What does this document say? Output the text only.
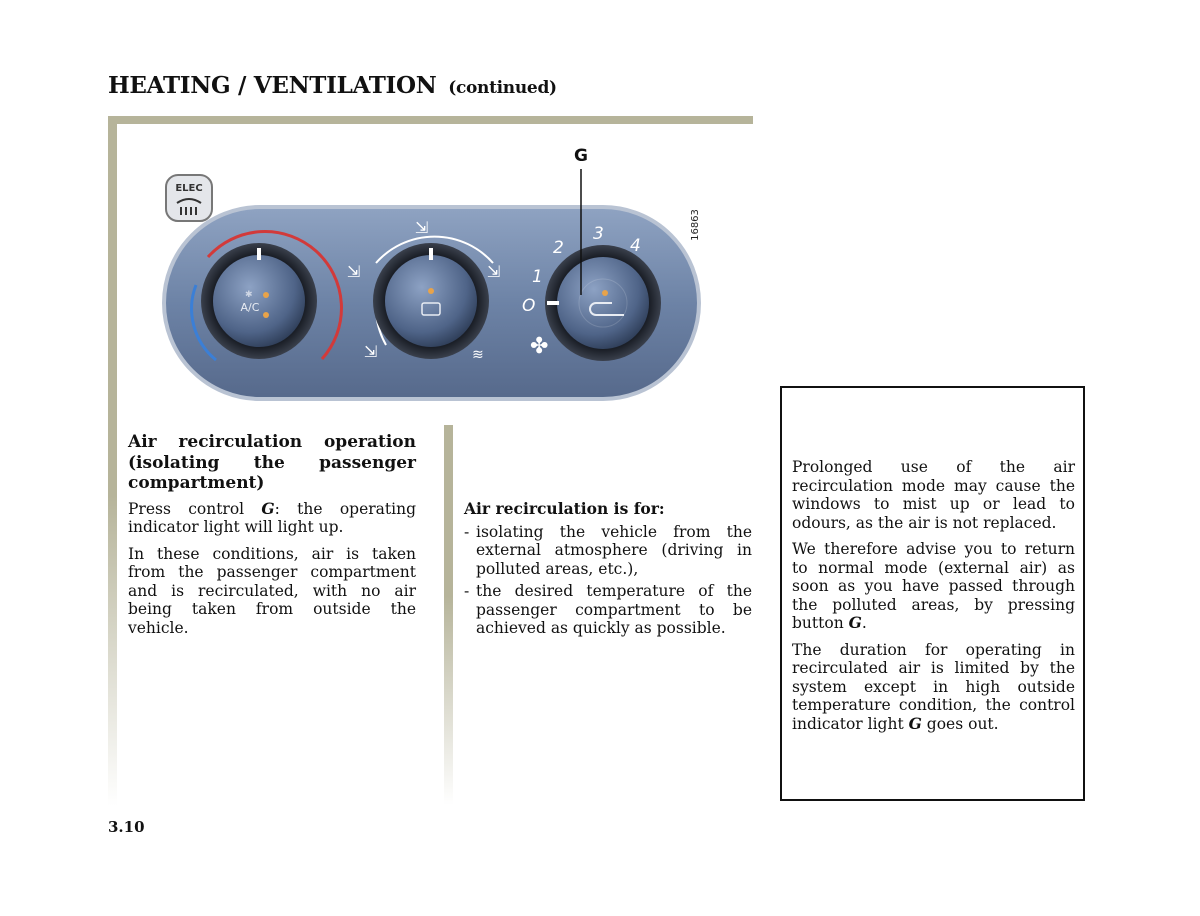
HEATING / VENTILATION (continued)
ELEC
16863
A/C
✱
⇲
⇲	⇲
⇲	≋
O
1
2
3
4
✤
G
Air recirculation operation (isolating the passenger compartment)

Press control G: the operating indicator light will light up.

In these conditions, air is taken from the passenger compartment and is recirculated, with no air being taken from outside the vehicle.

Air recirculation is for:

- isolating the vehicle from the external atmosphere (driving in polluted areas, etc.),
- the desired temperature of the passenger compartment to be achieved as quickly as possible.

Prolonged use of the air recirculation mode may cause the windows to mist up or lead to odours, as the air is not replaced.

We therefore advise you to return to normal mode (external air) as soon as you have passed through the polluted areas, by pressing button G.

The duration for operating in recirculated air is limited by the system except in high outside temperature condition, the control indicator light G goes out.

3.10
